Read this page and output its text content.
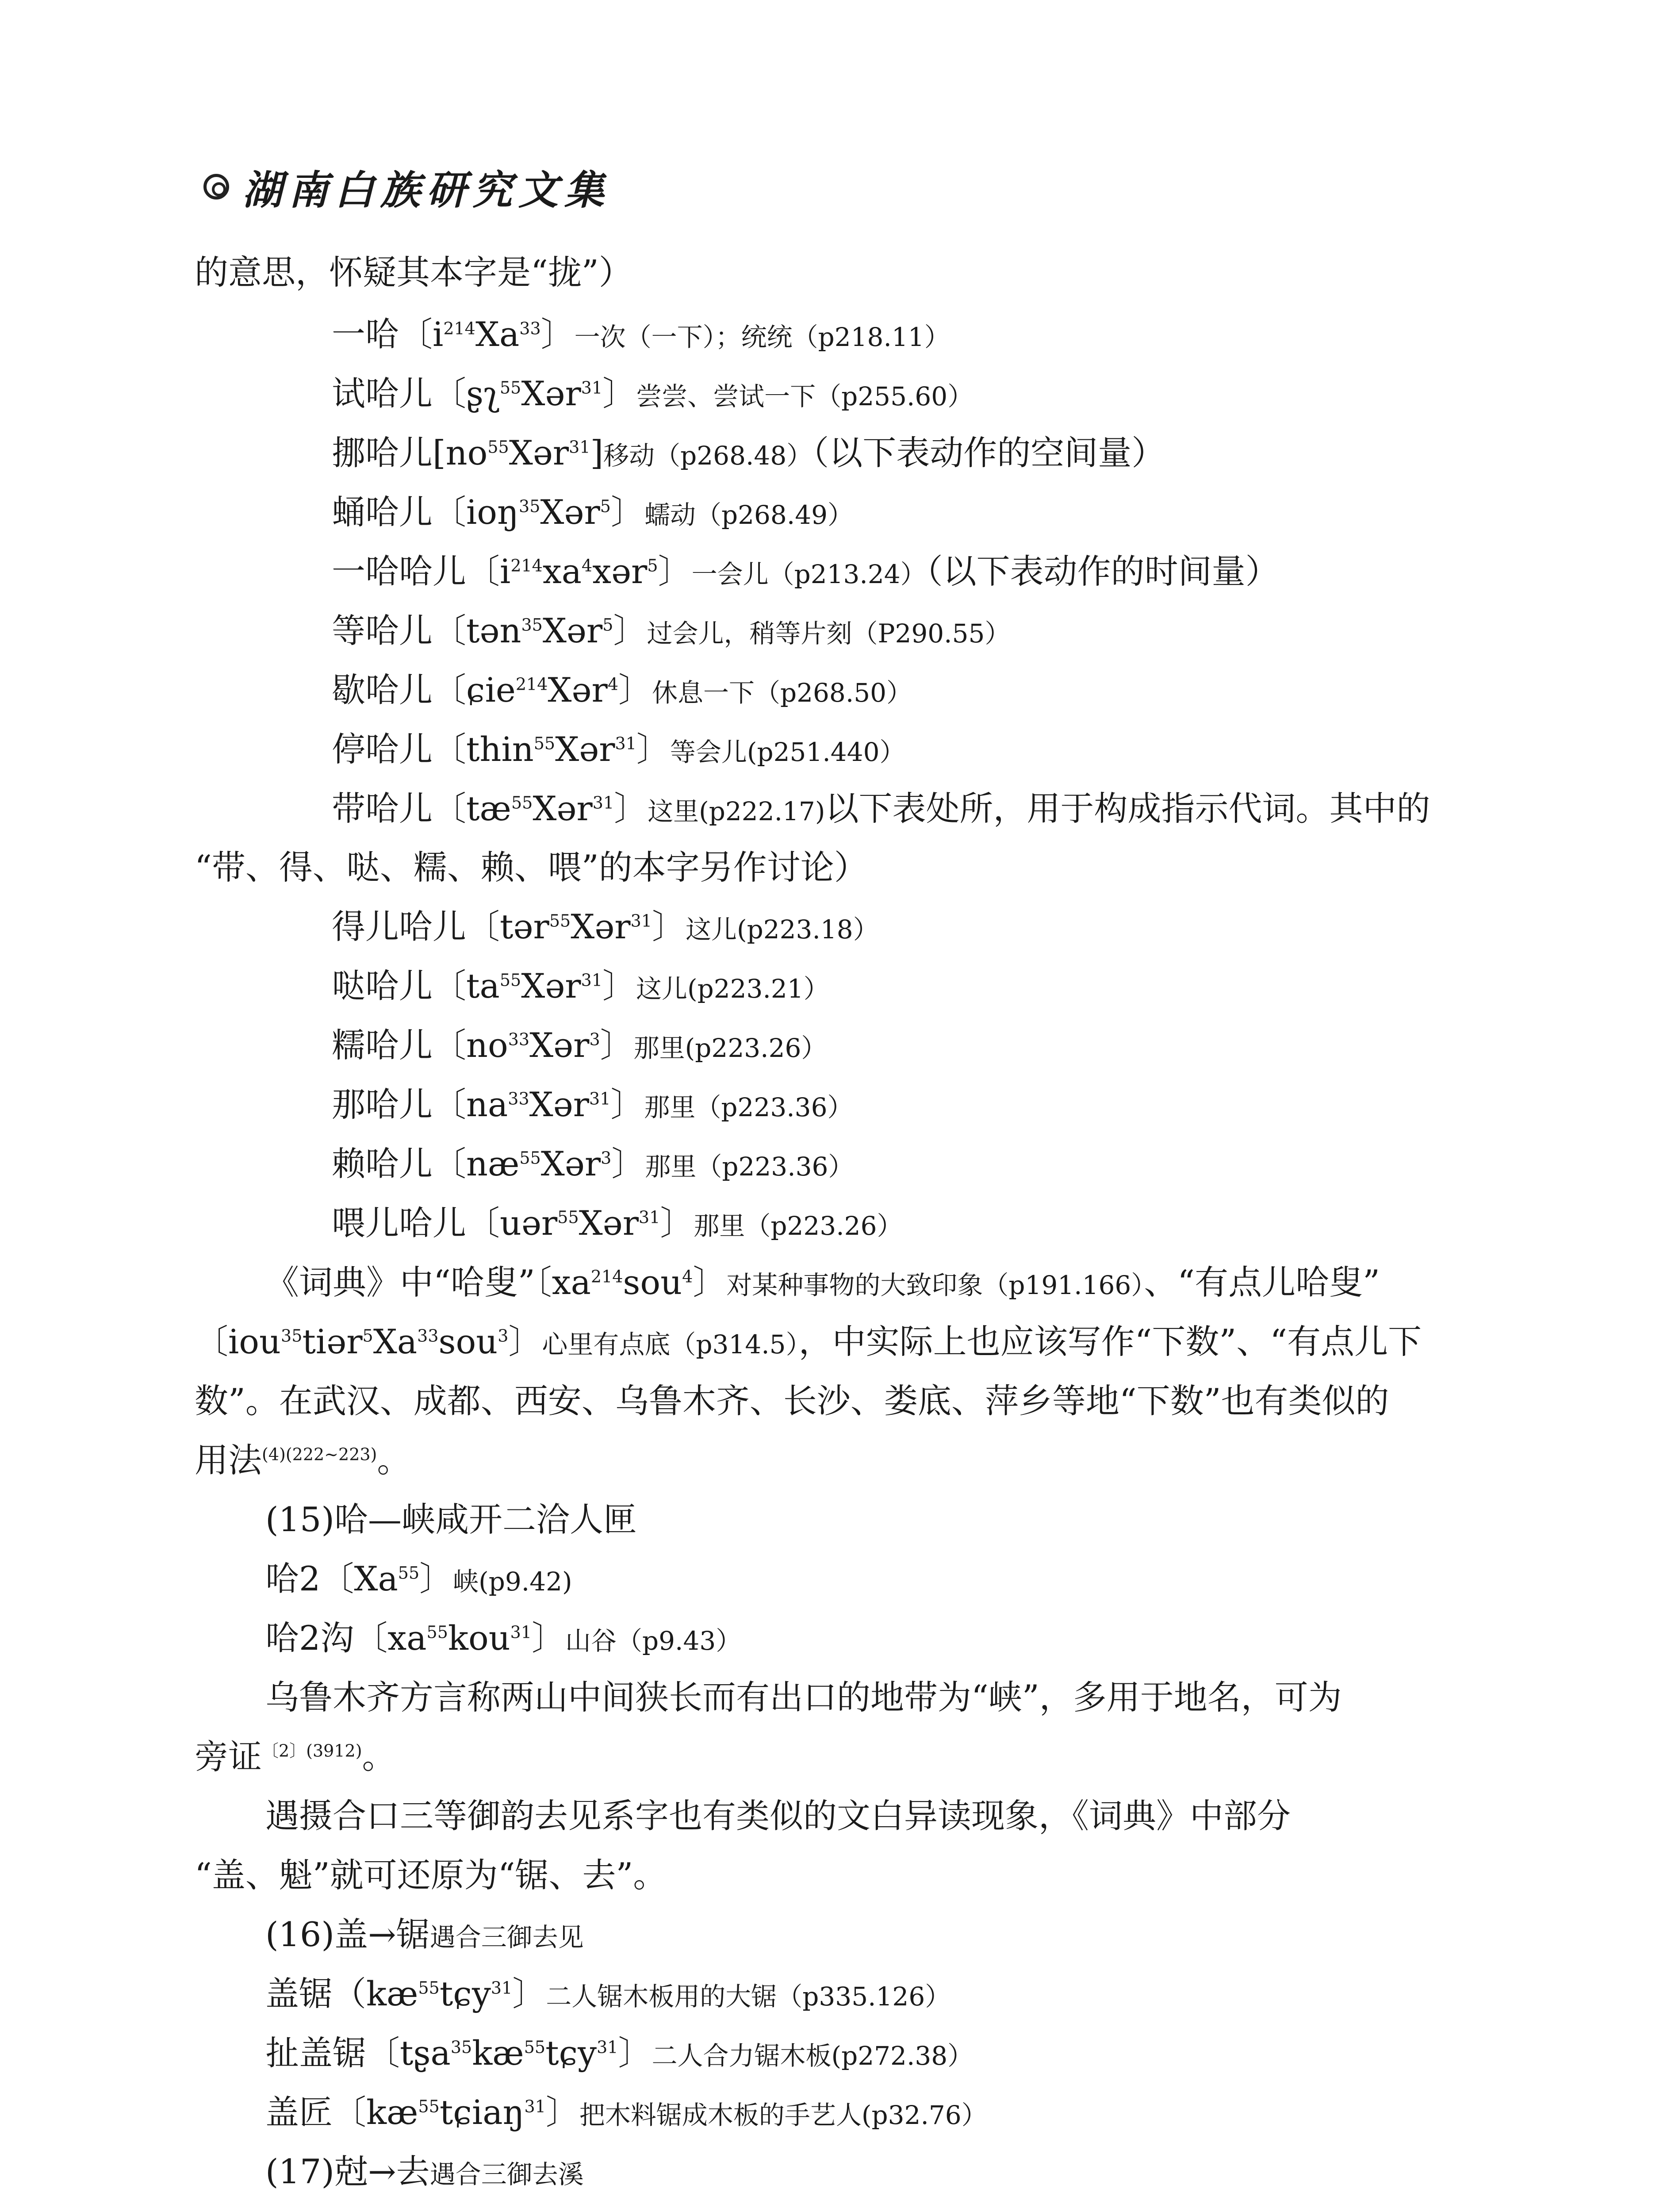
湖南白族研究文集
的意思，怀疑其本字是“拢”）
一哈〔$i^{214}Xa^{33}$〕一次（一下）；统统（p218.11）
试哈儿〔ʂʅ$^{55}$Xər$^{31}$〕尝尝、尝试一下（p255.60）
挪哈儿$[no^{55}Xər^{31}]$移动（p268.48）（以下表动作的空间量）
蛹哈儿〔ioŋ$^{35}$Xər$^5$〕蠕动（p268.49）
一哈哈儿〔$i^{214}xa^4xər^5$〕一会儿（p213.24）（以下表动作的时间量）
等哈儿〔tən$^{35}$Xər$^5$〕过会儿，稍等片刻（P290.55）
歇哈儿〔ɕie$^{214}$Xər$^4$〕休息一下（p268.50）
停哈儿〔thin$^{55}$Xər$^{31}$〕等会儿(p251.440）
带哈儿〔$tæ^{55}Xər^{31}$〕这里(p222.17)以下表处所，用于构成指示代词。其中的
“带、得、哒、糯、赖、喂”的本字另作讨论）
得儿哈儿〔tər$^{55}$Xər$^{31}$〕这儿(p223.18）
哒哈儿〔$ta^{55}Xər^{31}$〕这儿(p223.21）
糯哈儿〔$no^{33}Xər^3$〕那里(p223.26）
那哈儿〔$na^{33}Xər^{31}$〕那里（p223.36）
赖哈儿〔$næ^{55}Xər^3$〕那里（p223.36）
喂儿哈儿〔uər$^{55}$Xər$^{31}$〕那里（p223.26）
《词典》中“哈叟”〔$xa^{214}sou^4$〕对某种事物的大致印象（p191.166）、“有点儿哈叟”
〔iou$^{35}$tiər$^5$Xa$^{33}$sou$^3$〕心里有点底（p314.5），中实际上也应该写作“下数”、“有点儿下
数”。在武汉、成都、西安、乌鲁木齐、长沙、娄底、萍乡等地“下数”也有类似的
用法$^{(4)(222\sim 223)}$。
(15)哈—峡咸开二洽人匣
哈2〔Xa$^{55}$〕峡(p9.42)
哈2沟〔$xa^{55}kou^{31}$〕山谷（p9.43）
乌鲁木齐方言称两山中间狭长而有出口的地带为“峡”，多用于地名，可为
旁证$^{〔2〕(3912)}$。
遇摄合口三等御韵去见系字也有类似的文白异读现象，《词典》中部分
“盖、魁”就可还原为“锯、去”。
(16)盖→锯遇合三御去见
盖锯（$kæ^{55}tɕy^{31}$〕二人锯木板用的大锯（p335.126）
扯盖锯〔$tʂa^{35}kæ^{55}tɕy^{31}$〕二人合力锯木板(p272.38）
盖匠〔$kæ^{55}tɕiaŋ^{31}$〕把木料锯成木板的手艺人(p32.76）
(17)尅→去遇合三御去溪
